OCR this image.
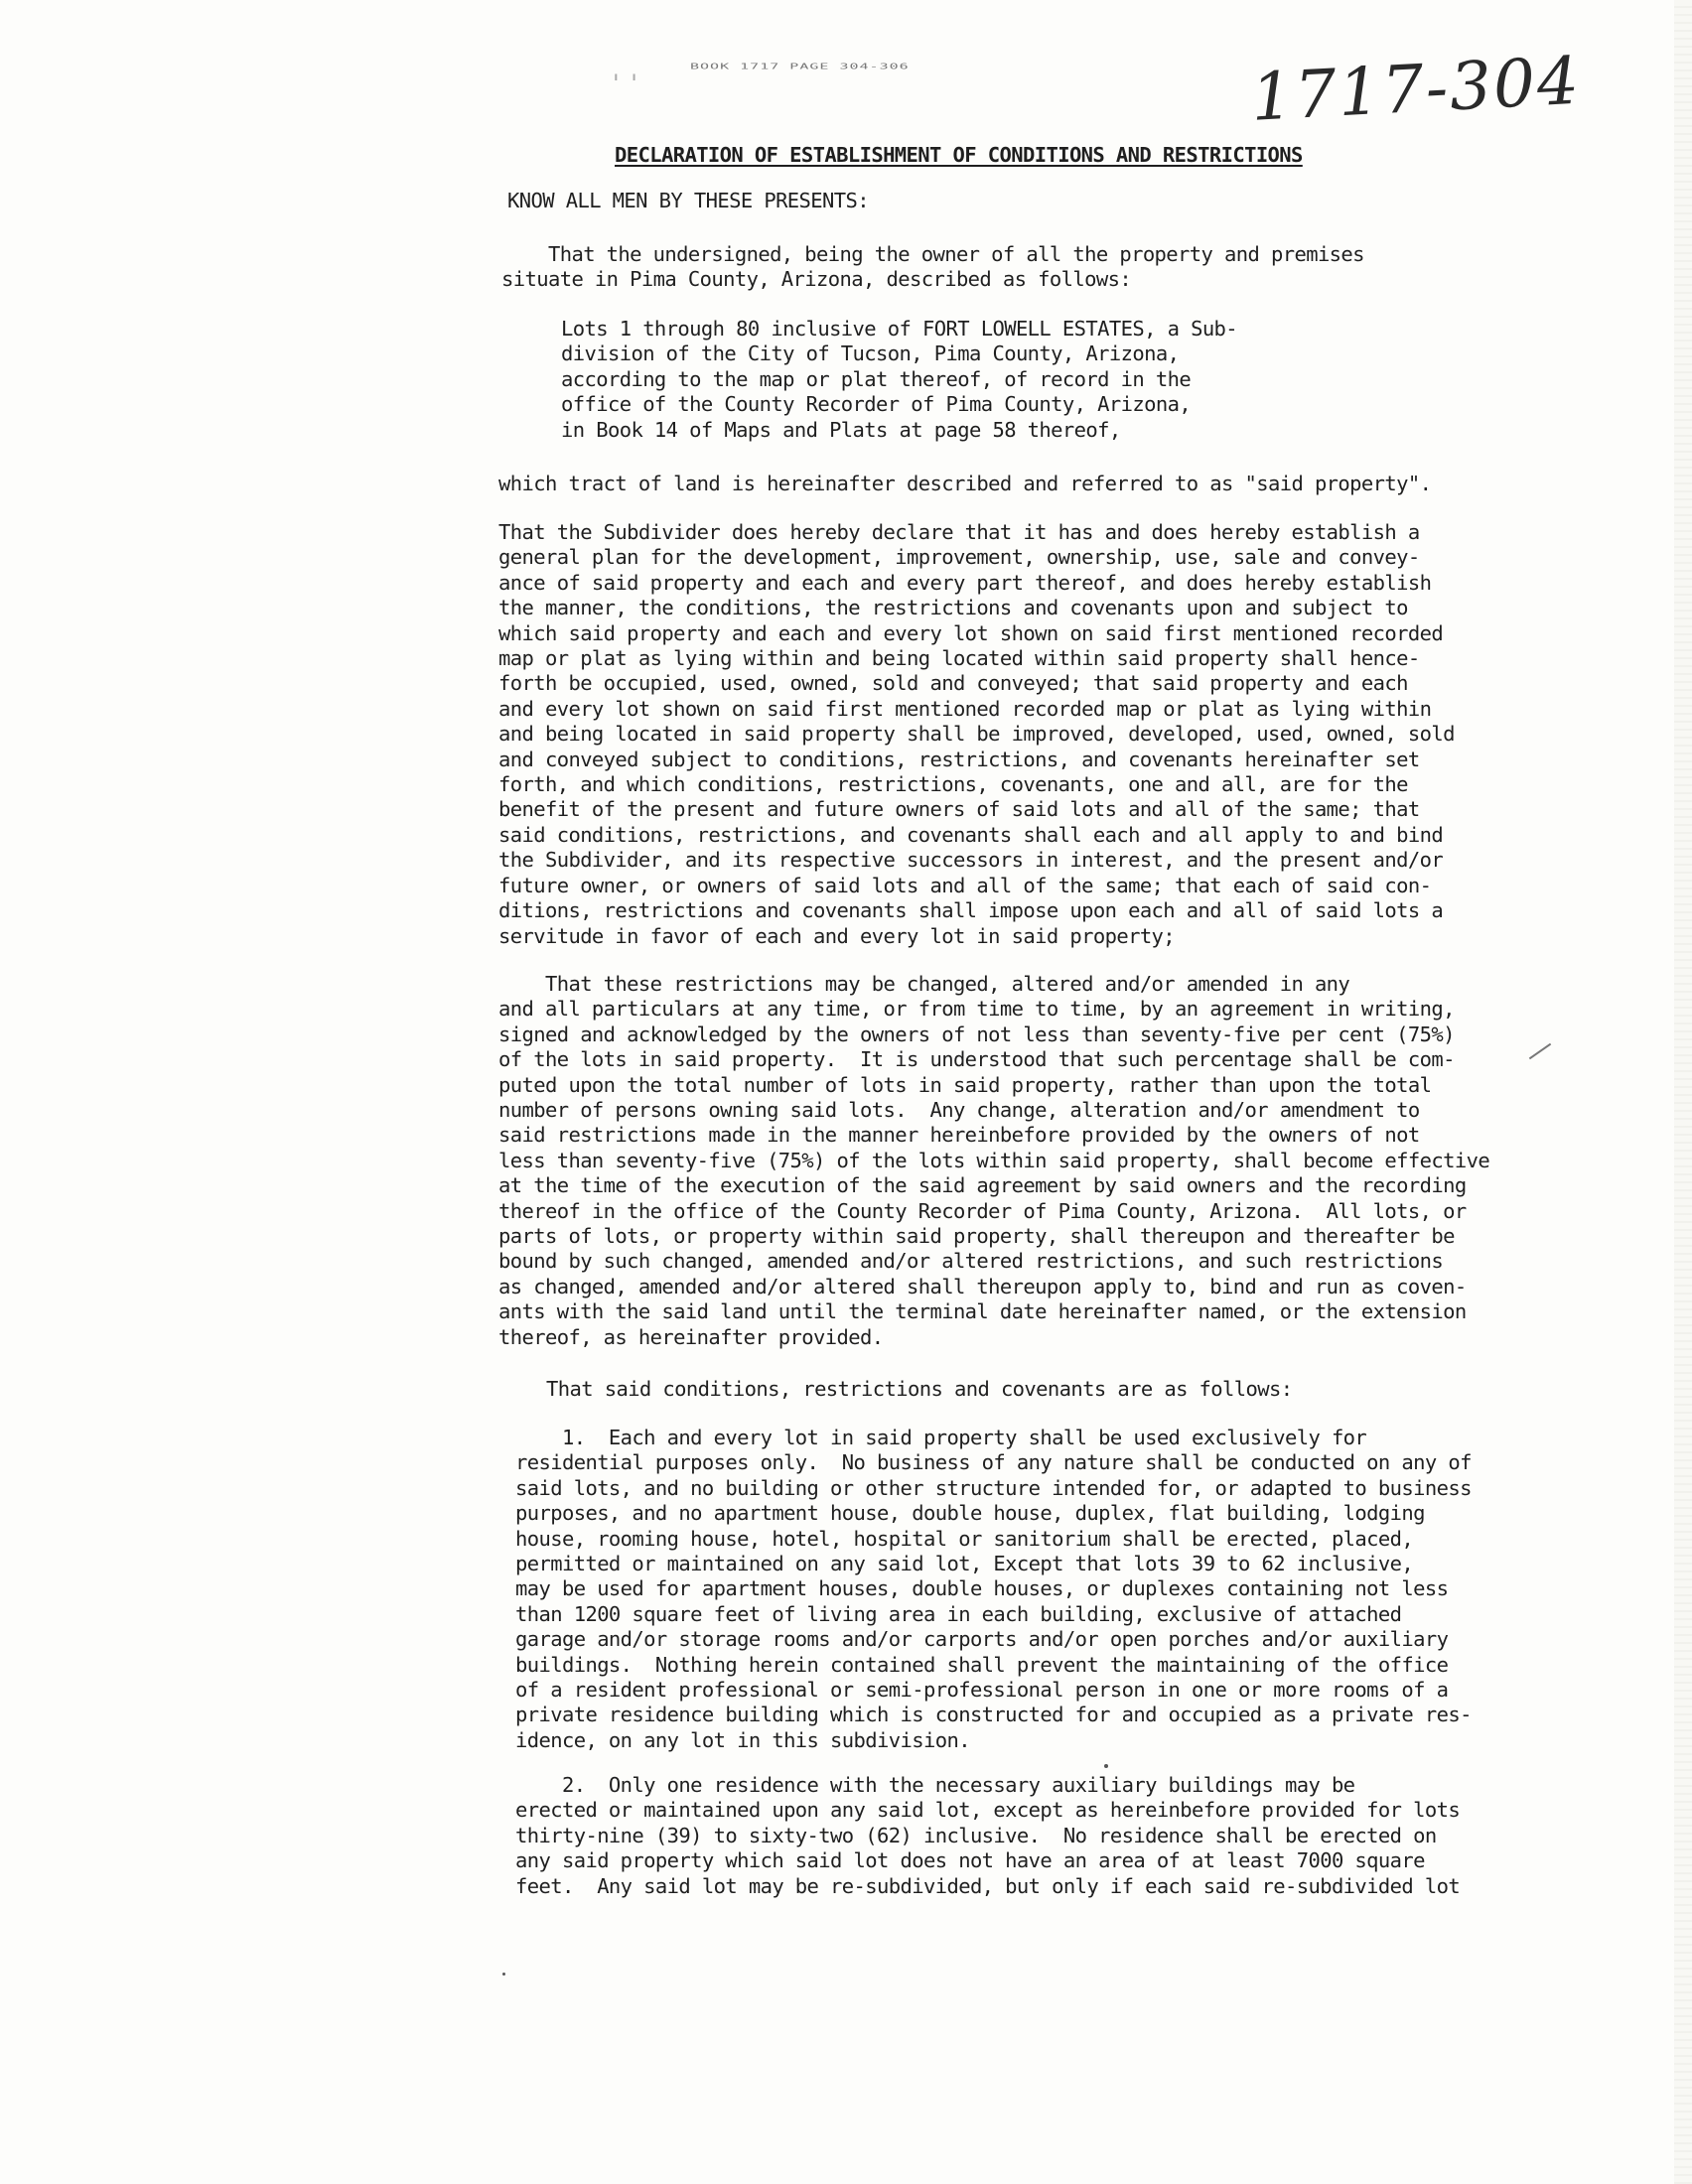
' '
BOOK 1717 PAGE 304-306	1717-304
DECLARATION OF ESTABLISHMENT OF CONDITIONS AND RESTRICTIONS
KNOW ALL MEN BY THESE PRESENTS:
That the undersigned, being the owner of all the property and premises
situate in Pima County, Arizona, described as follows:
Lots 1 through 80 inclusive of FORT LOWELL ESTATES, a Sub-
division of the City of Tucson, Pima County, Arizona,
according to the map or plat thereof, of record in the
office of the County Recorder of Pima County, Arizona,
in Book 14 of Maps and Plats at page 58 thereof,
which tract of land is hereinafter described and referred to as "said property".
That the Subdivider does hereby declare that it has and does hereby establish a
general plan for the development, improvement, ownership, use, sale and convey-
ance of said property and each and every part thereof, and does hereby establish
the manner, the conditions, the restrictions and covenants upon and subject to
which said property and each and every lot shown on said first mentioned recorded
map or plat as lying within and being located within said property shall hence-
forth be occupied, used, owned, sold and conveyed; that said property and each
and every lot shown on said first mentioned recorded map or plat as lying within
and being located in said property shall be improved, developed, used, owned, sold
and conveyed subject to conditions, restrictions, and covenants hereinafter set
forth, and which conditions, restrictions, covenants, one and all, are for the
benefit of the present and future owners of said lots and all of the same; that
said conditions, restrictions, and covenants shall each and all apply to and bind
the Subdivider, and its respective successors in interest, and the present and/or
future owner, or owners of said lots and all of the same; that each of said con-
ditions, restrictions and covenants shall impose upon each and all of said lots a
servitude in favor of each and every lot in said property;
That these restrictions may be changed, altered and/or amended in any
and all particulars at any time, or from time to time, by an agreement in writing,
signed and acknowledged by the owners of not less than seventy-five per cent (75%)
of the lots in said property.  It is understood that such percentage shall be com-
puted upon the total number of lots in said property, rather than upon the total
number of persons owning said lots.  Any change, alteration and/or amendment to
said restrictions made in the manner hereinbefore provided by the owners of not
less than seventy-five (75%) of the lots within said property, shall become effective
at the time of the execution of the said agreement by said owners and the recording
thereof in the office of the County Recorder of Pima County, Arizona.  All lots, or
parts of lots, or property within said property, shall thereupon and thereafter be
bound by such changed, amended and/or altered restrictions, and such restrictions
as changed, amended and/or altered shall thereupon apply to, bind and run as coven-
ants with the said land until the terminal date hereinafter named, or the extension
thereof, as hereinafter provided.
That said conditions, restrictions and covenants are as follows:
1.  Each and every lot in said property shall be used exclusively for
residential purposes only.  No business of any nature shall be conducted on any of
said lots, and no building or other structure intended for, or adapted to business
purposes, and no apartment house, double house, duplex, flat building, lodging
house, rooming house, hotel, hospital or sanitorium shall be erected, placed,
permitted or maintained on any said lot, Except that lots 39 to 62 inclusive,
may be used for apartment houses, double houses, or duplexes containing not less
than 1200 square feet of living area in each building, exclusive of attached
garage and/or storage rooms and/or carports and/or open porches and/or auxiliary
buildings.  Nothing herein contained shall prevent the maintaining of the office
of a resident professional or semi-professional person in one or more rooms of a
private residence building which is constructed for and occupied as a private res-
idence, on any lot in this subdivision.
2.  Only one residence with the necessary auxiliary buildings may be
erected or maintained upon any said lot, except as hereinbefore provided for lots
thirty-nine (39) to sixty-two (62) inclusive.  No residence shall be erected on
any said property which said lot does not have an area of at least 7000 square
feet.  Any said lot may be re-subdivided, but only if each said re-subdivided lot
